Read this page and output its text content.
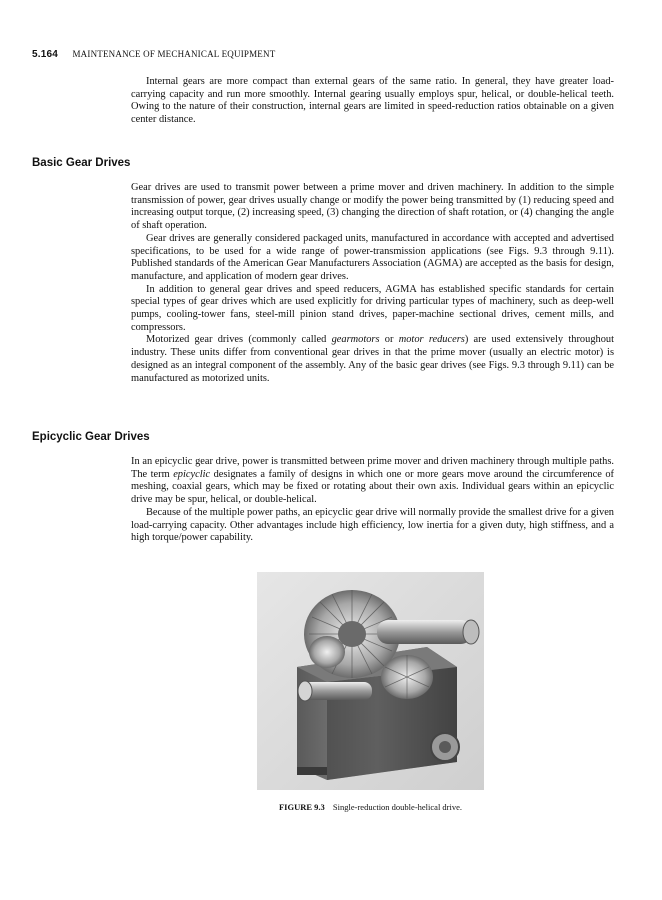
5.164 MAINTENANCE OF MECHANICAL EQUIPMENT

Internal gears are more compact than external gears of the same ratio. In general, they have greater load-carrying capacity and run more smoothly. Internal gearing usually employs spur, helical, or double-helical teeth. Owing to the nature of their construction, internal gears are limited in speed-reduction ratios obtainable on a given center distance.

Basic Gear Drives

Gear drives are used to transmit power between a prime mover and driven machinery. In addition to the simple transmission of power, gear drives usually change or modify the power being transmitted by (1) reducing speed and increasing output torque, (2) increasing speed, (3) changing the direction of shaft rotation, or (4) changing the angle of shaft operation.

Gear drives are generally considered packaged units, manufactured in accordance with accepted and advertised specifications, to be used for a wide range of power-transmission applications (see Figs. 9.3 through 9.11). Published standards of the American Gear Manufacturers Association (AGMA) are accepted as the basis for design, manufacture, and application of modern gear drives.

In addition to general gear drives and speed reducers, AGMA has established specific standards for certain special types of gear drives which are used explicitly for driving particular types of machinery, such as deep-well pumps, cooling-tower fans, steel-mill pinion stand drives, paper-machine sectional drives, cement mills, and compressors.

Motorized gear drives (commonly called gearmotors or motor reducers) are used extensively throughout industry. These units differ from conventional gear drives in that the prime mover (usually an electric motor) is designed as an integral component of the assembly. Any of the basic gear drives (see Figs. 9.3 through 9.11) can be manufactured as motorized units.

Epicyclic Gear Drives

In an epicyclic gear drive, power is transmitted between prime mover and driven machinery through multiple paths. The term epicyclic designates a family of designs in which one or more gears move around the circumference of meshing, coaxial gears, which may be fixed or rotating about their own axis. Individual gears within an epicyclic drive may be spur, helical, or double-helical.

Because of the multiple power paths, an epicyclic gear drive will normally provide the smallest drive for a given load-carrying capacity. Other advantages include high efficiency, low inertia for a given duty, high stiffness, and a high torque/power capability.

FIGURE 9.3 Single-reduction double-helical drive.
